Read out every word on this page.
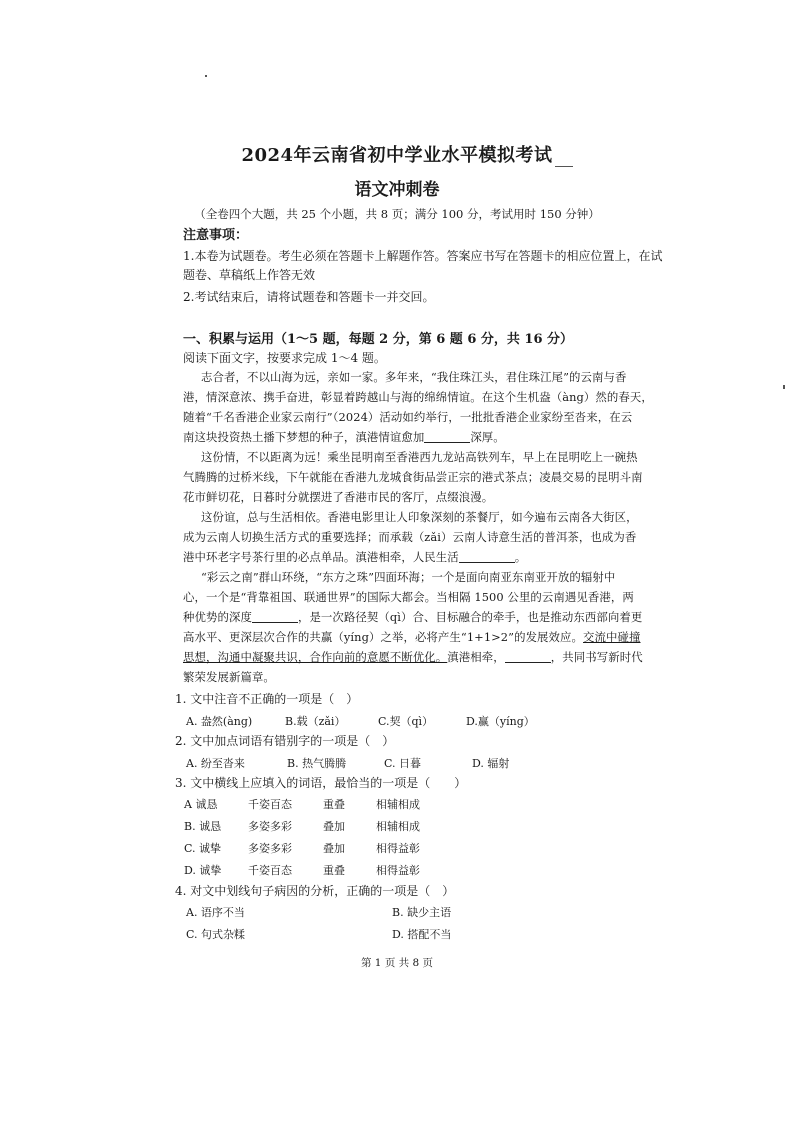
2024年云南省初中学业水平模拟考试
语文冲刺卷
（全卷四个大题，共 25 个小题，共 8 页；满分 100 分，考试用时 150 分钟）
注意事项：
1.本卷为试题卷。考生必须在答题卡上解题作答。答案应书写在答题卡的相应位置上，在试
题卷、草稿纸上作答无效
2.考试结束后，请将试题卷和答题卡一并交回。
一、积累与运用（1～5 题，每题 2 分，第 6 题 6 分，共 16 分）
阅读下面文字，按要求完成 1～4 题。
志合者，不以山海为远，亲如一家。多年来，“我住珠江头，君住珠江尾”的云南与香
港，情深意浓、携手奋进，彰显着跨越山与海的绵绵情谊。在这个生机盎（àng）然的春天，
随着“千名香港企业家云南行”（2024）活动如约举行，一批批香港企业家纷至沓来，在云
南这块投资热土播下梦想的种子，滇港情谊愈加	深厚。
这份情，不以距离为远！乘坐昆明南至香港西九龙站高铁列车，早上在昆明吃上一碗热
气腾腾的过桥米线，下午就能在香港九龙城食街品尝正宗的港式茶点；凌晨交易的昆明斗南
花市鲜切花，日暮时分就摆进了香港市民的客厅，点缀浪漫。
这份谊，总与生活相依。香港电影里让人印象深刻的茶餐厅，如今遍布云南各大街区，
成为云南人切换生活方式的重要选择；而承载（zǎi）云南人诗意生活的普洱茶，也成为香
港中环老字号茶行里的必点单品。滇港相牵，人民生活	。
“彩云之南”群山环绕，“东方之珠”四面环海；一个是面向南亚东南亚开放的辐射中
心，一个是“背靠祖国、联通世界”的国际大都会。当相隔 1500 公里的云南遇见香港，两
种优势的深度	，是一次路径契（qì）合、目标融合的牵手，也是推动东西部向着更
高水平、更深层次合作的共赢（yíng）之举，必将产生“1+1>2”的发展效应。交流中碰撞
思想，沟通中凝聚共识，合作向前的意愿不断优化。滇港相牵，	，共同书写新时代
繁荣发展新篇章。
1. 文中注音不正确的一项是（　）
A. 盎然(àng)	B.载（zǎi）	C.契（qì）	D.赢（yíng）
2. 文中加点词语有错别字的一项是（　）
A. 纷至沓来	B. 热气腾腾	C. 日暮	D. 辐射
3. 文中横线上应填入的词语，最恰当的一项是（　　）
A 诚恳	千姿百态	重叠	相辅相成
B. 诚恳 多姿多彩	叠加	相辅相成
C. 诚挚 多姿多彩	叠加	相得益彰
D. 诚挚 千姿百态	重叠	相得益彰
4. 对文中划线句子病因的分析，正确的一项是（　）
A. 语序不当	B. 缺少主语
C. 句式杂糅	D. 搭配不当
第 1 页 共 8 页
